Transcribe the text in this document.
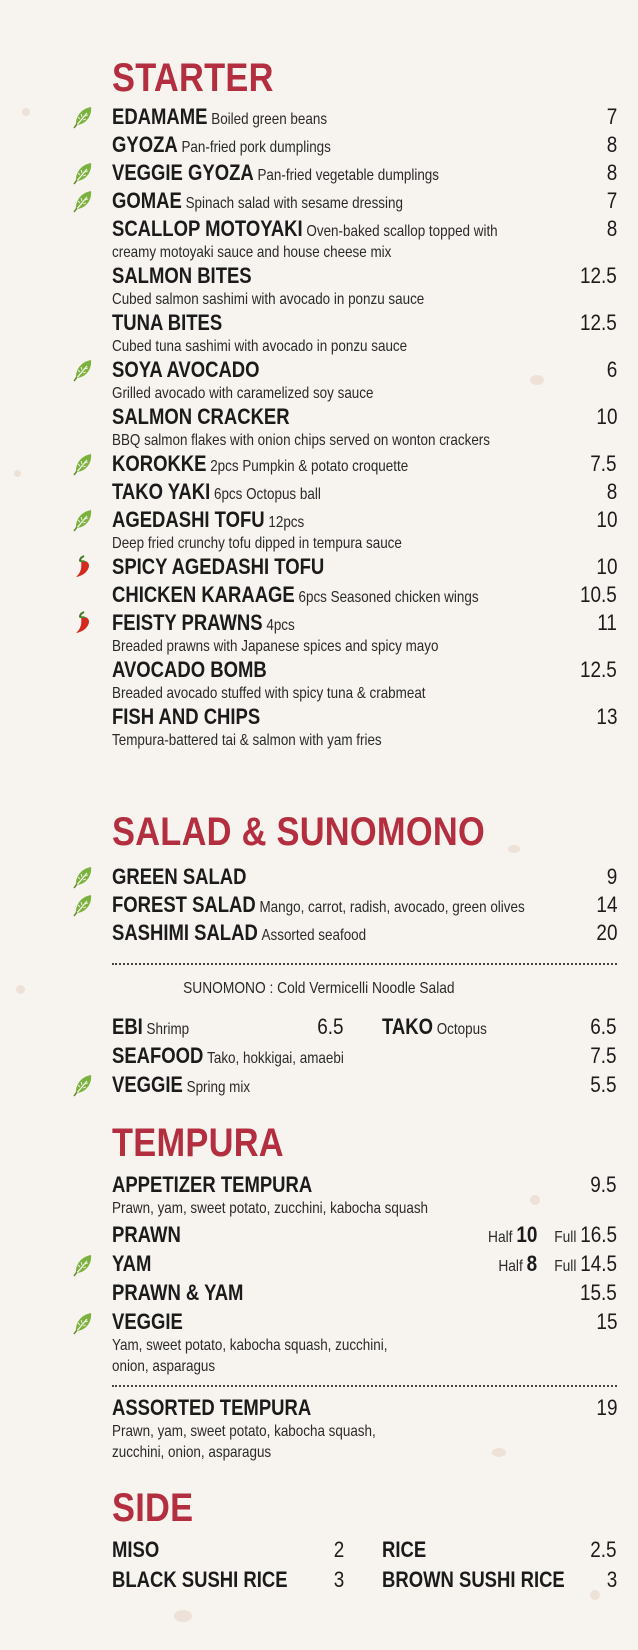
STARTER
EDAMAME Boiled green beans	7
GYOZA Pan-fried pork dumplings	8
VEGGIE GYOZA Pan-fried vegetable dumplings	8
GOMAE Spinach salad with sesame dressing	7
SCALLOP MOTOYAKI Oven-baked scallop topped with	8
creamy motoyaki sauce and house cheese mix
SALMON BITES	12.5
Cubed salmon sashimi with avocado in ponzu sauce
TUNA BITES	12.5
Cubed tuna sashimi with avocado in ponzu sauce
SOYA AVOCADO	6
Grilled avocado with caramelized soy sauce
SALMON CRACKER	10
BBQ salmon flakes with onion chips served on wonton crackers
KOROKKE 2pcs Pumpkin & potato croquette	7.5
TAKO YAKI 6pcs Octopus ball	8
AGEDASHI TOFU 12pcs	10
Deep fried crunchy tofu dipped in tempura sauce
SPICY AGEDASHI TOFU	10
CHICKEN KARAAGE 6pcs Seasoned chicken wings	10.5
FEISTY PRAWNS 4pcs	11
Breaded prawns with Japanese spices and spicy mayo
AVOCADO BOMB	12.5
Breaded avocado stuffed with spicy tuna & crabmeat
FISH AND CHIPS	13
Tempura-battered tai & salmon with yam fries
SALAD & SUNOMONO
GREEN SALAD	9
FOREST SALAD Mango, carrot, radish, avocado, green olives	14
SASHIMI SALAD Assorted seafood	20
SUNOMONO : Cold Vermicelli Noodle Salad
EBI Shrimp	6.5 TAKO Octopus	6.5
SEAFOOD Tako, hokkigai, amaebi	7.5
VEGGIE Spring mix	5.5
TEMPURA
APPETIZER TEMPURA	9.5
Prawn, yam, sweet potato, zucchini, kabocha squash
PRAWN	Half 10 Full 16.5
YAM	Half 8 Full 14.5
PRAWN & YAM	15.5
VEGGIE	15
Yam, sweet potato, kabocha squash, zucchini,
onion, asparagus
ASSORTED TEMPURA	19
Prawn, yam, sweet potato, kabocha squash,
zucchini, onion, asparagus
SIDE
MISO	2 RICE	2.5
BLACK SUSHI RICE 3 BROWN SUSHI RICE 3
